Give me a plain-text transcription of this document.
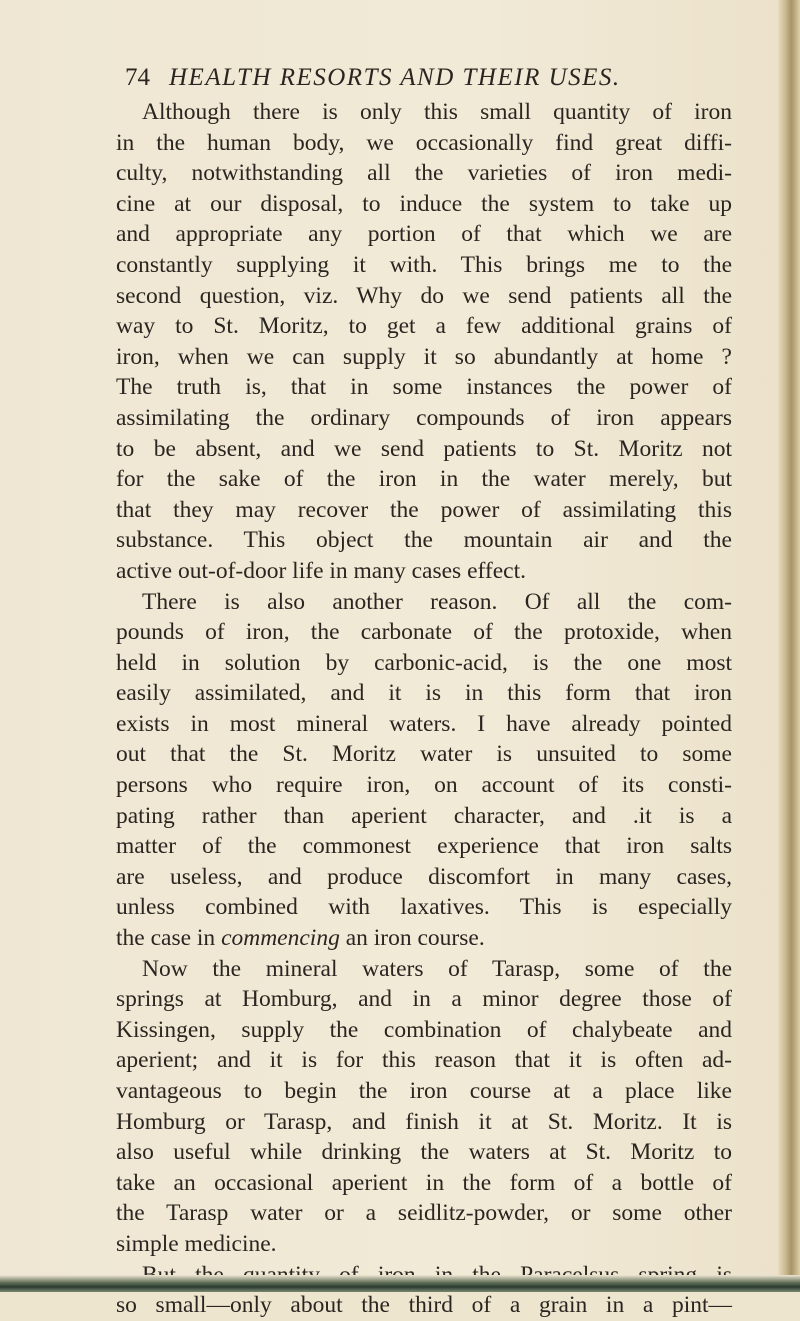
74 HEALTH RESORTS AND THEIR USES.
Although there is only this small quantity of iron
in the human body, we occasionally find great diffi-
culty, notwithstanding all the varieties of iron medi-
cine at our disposal, to induce the system to take up
and appropriate any portion of that which we are
constantly supplying it with. This brings me to the
second question, viz. Why do we send patients all the
way to St. Moritz, to get a few additional grains of
iron, when we can supply it so abundantly at home ?
The truth is, that in some instances the power of
assimilating the ordinary compounds of iron appears
to be absent, and we send patients to St. Moritz not
for the sake of the iron in the water merely, but
that they may recover the power of assimilating this
substance. This object the mountain air and the
active out-of-door life in many cases effect.
There is also another reason. Of all the com-
pounds of iron, the carbonate of the protoxide, when
held in solution by carbonic-acid, is the one most
easily assimilated, and it is in this form that iron
exists in most mineral waters. I have already pointed
out that the St. Moritz water is unsuited to some
persons who require iron, on account of its consti-
pating rather than aperient character, and .it is a
matter of the commonest experience that iron salts
are useless, and produce discomfort in many cases,
unless combined with laxatives. This is especially
the case in commencing an iron course.
Now the mineral waters of Tarasp, some of the
springs at Homburg, and in a minor degree those of
Kissingen, supply the combination of chalybeate and
aperient; and it is for this reason that it is often ad-
vantageous to begin the iron course at a place like
Homburg or Tarasp, and finish it at St. Moritz. It is
also useful while drinking the waters at St. Moritz to
take an occasional aperient in the form of a bottle of
the Tarasp water or a seidlitz-powder, or some other
simple medicine.
so small—only about the third of a grain in a pint—
